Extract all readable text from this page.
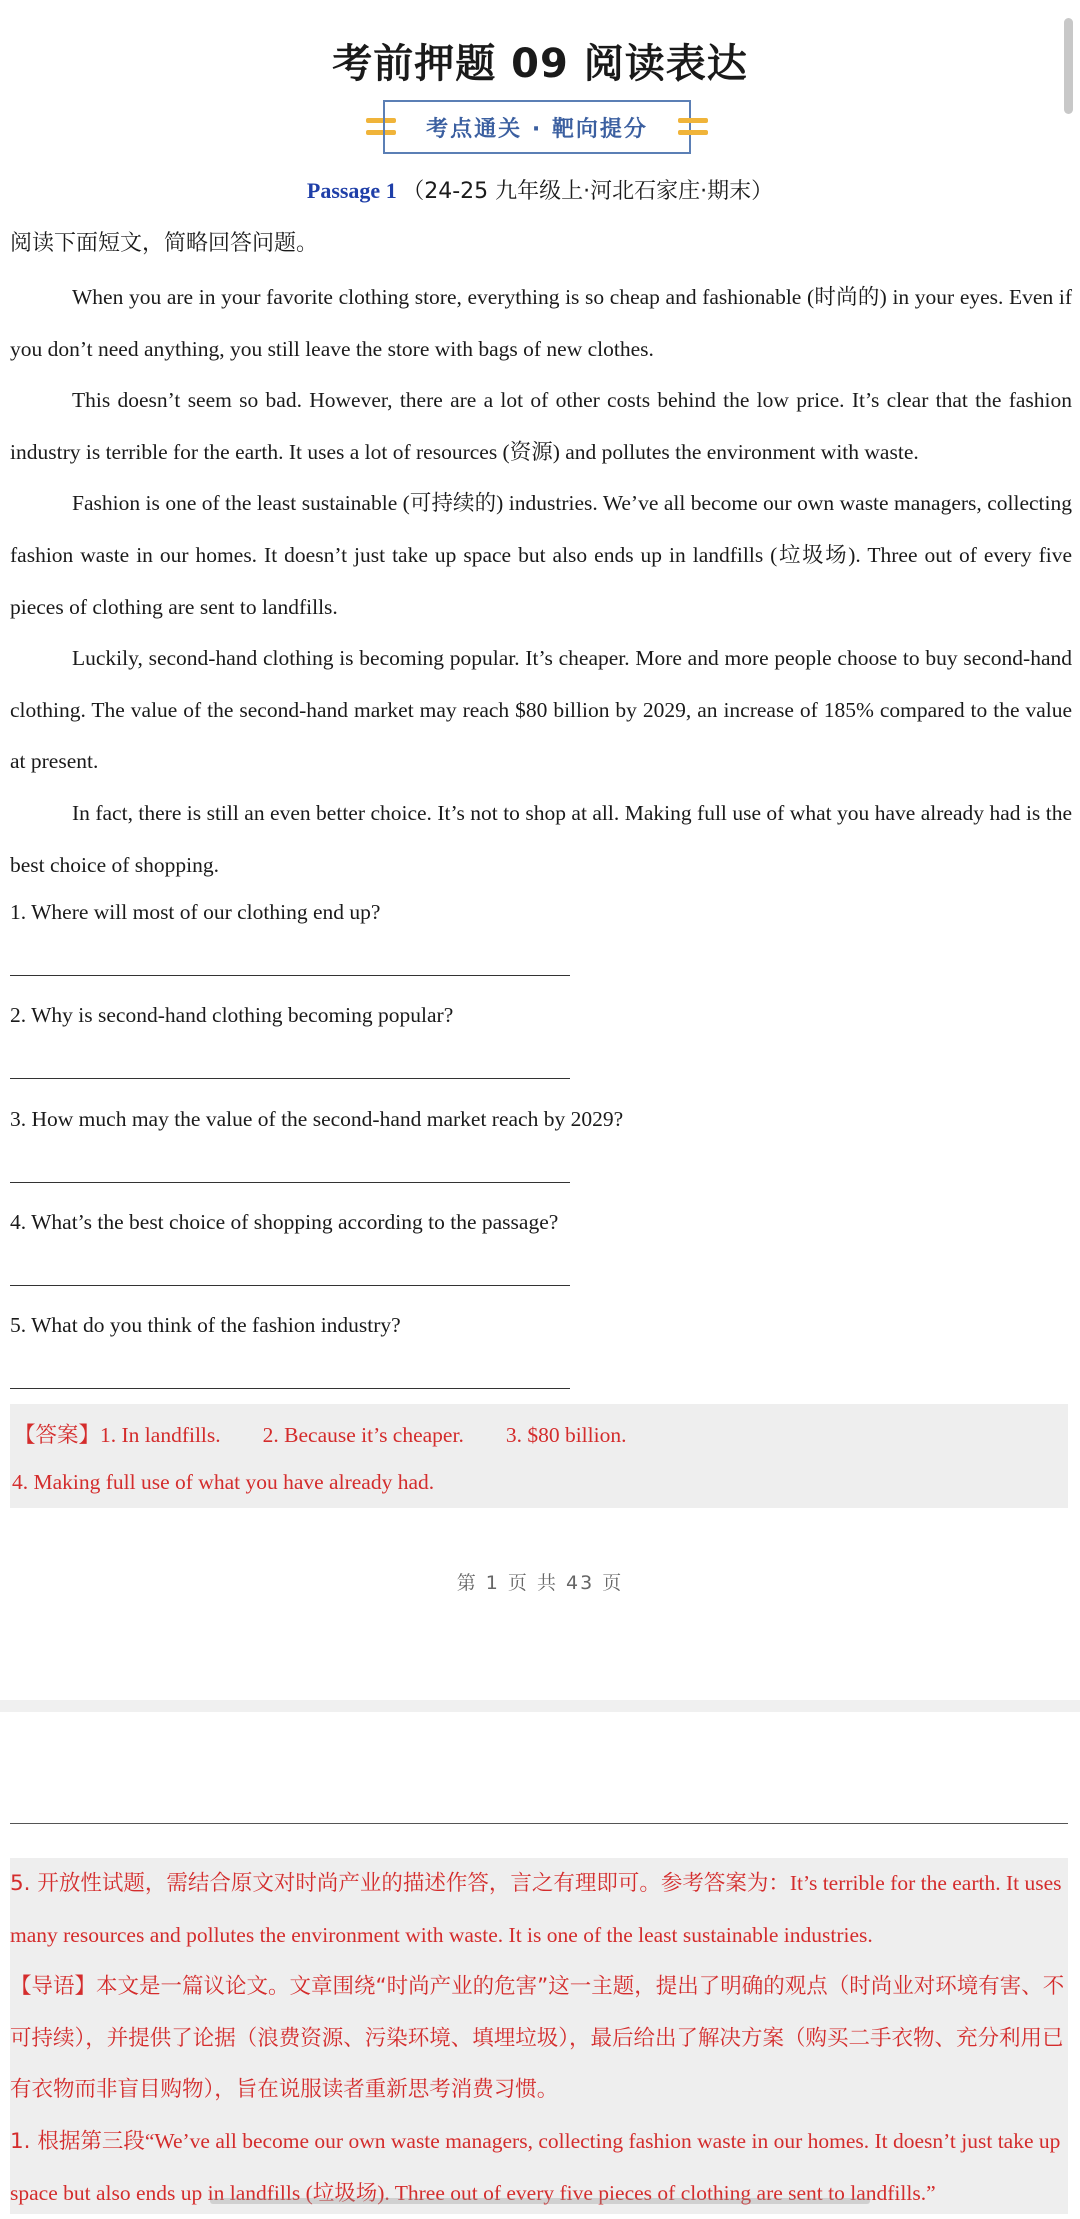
考前押题 09 阅读表达
考点通关 · 靶向提分
Passage 1 （24-25 九年级上·河北石家庄·期末）
阅读下面短文，简略回答问题。

When you are in your favorite clothing store, everything is so cheap and fashionable (时尚的) in your eyes. Even if you don’t need anything, you still leave the store with bags of new clothes.

This doesn’t seem so bad. However, there are a lot of other costs behind the low price. It’s clear that the fashion industry is terrible for the earth. It uses a lot of resources (资源) and pollutes the environment with waste.

Fashion is one of the least sustainable (可持续的) industries. We’ve all become our own waste managers, collecting fashion waste in our homes. It doesn’t just take up space but also ends up in landfills (垃圾场). Three out of every five pieces of clothing are sent to landfills.

Luckily, second-hand clothing is becoming popular. It’s cheaper. More and more people choose to buy second-hand clothing. The value of the second-hand market may reach $80 billion by 2029, an increase of 185% compared to the value at present.

In fact, there is still an even better choice. It’s not to shop at all. Making full use of what you have already had is the best choice of shopping.

1. Where will most of our clothing end up?
2. Why is second-hand clothing becoming popular?
3. How much may the value of the second-hand market reach by 2029?
4. What’s the best choice of shopping according to the passage?
5. What do you think of the fashion industry?
【答案】1. In landfills. 2. Because it’s cheaper. 3. $80 billion.
4. Making full use of what you have already had.
第 1 页 共 43 页

5. 开放性试题，需结合原文对时尚产业的描述作答，言之有理即可。参考答案为：It’s terrible for the earth. It uses many resources and pollutes the environment with waste. It is one of the least sustainable industries.

【导语】本文是一篇议论文。文章围绕“时尚产业的危害”这一主题，提出了明确的观点（时尚业对环境有害、不可持续），并提供了论据（浪费资源、污染环境、填埋垃圾），最后给出了解决方案（购买二手衣物、充分利用已有衣物而非盲目购物），旨在说服读者重新思考消费习惯。

1. 根据第三段“We’ve all become our own waste managers, collecting fashion waste in our homes. It doesn’t just take up space but also ends up in landfills (垃圾场). Three out of every five pieces of clothing are sent to landfills.”
